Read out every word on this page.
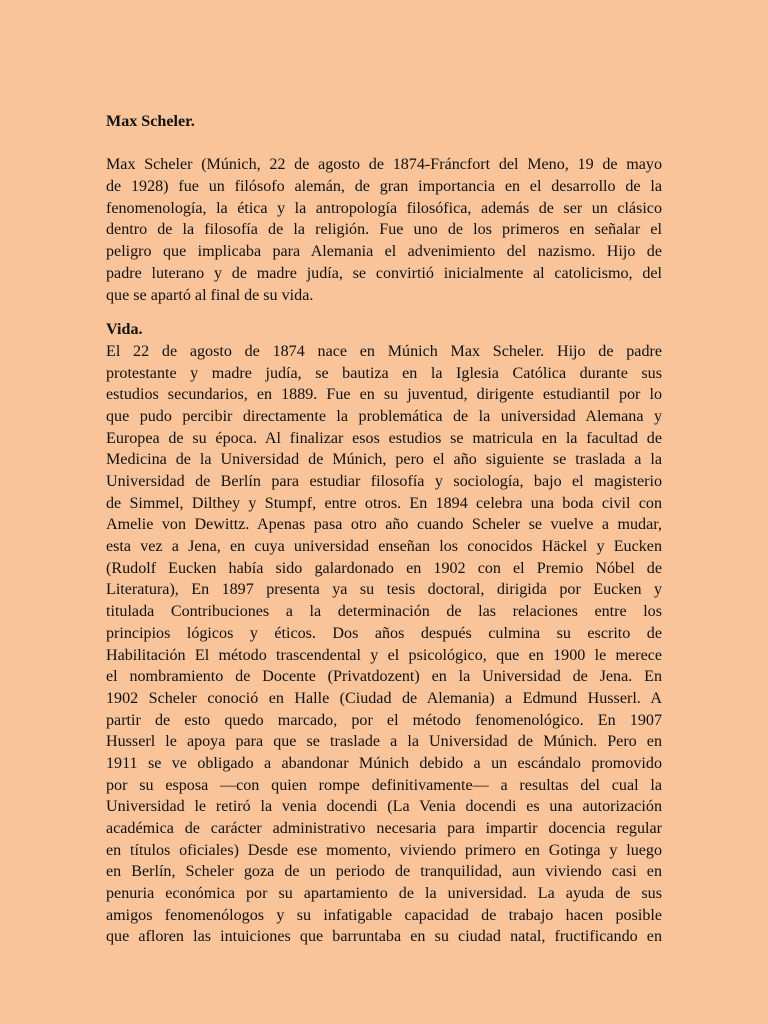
Max Scheler.
Max Scheler (Múnich, 22 de agosto de 1874-Fráncfort del Meno, 19 de mayo
de 1928) fue un filósofo alemán, de gran importancia en el desarrollo de la
fenomenología, la ética y la antropología filosófica, además de ser un clásico
dentro de la filosofía de la religión. Fue uno de los primeros en señalar el
peligro que implicaba para Alemania el advenimiento del nazismo. Hijo de
padre luterano y de madre judía, se convirtió inicialmente al catolicismo, del
que se apartó al final de su vida.
Vida.
El 22 de agosto de 1874 nace en Múnich Max Scheler. Hijo de padre
protestante y madre judía, se bautiza en la Iglesia Católica durante sus
estudios secundarios, en 1889. Fue en su juventud, dirigente estudiantil por lo
que pudo percibir directamente la problemática de la universidad Alemana y
Europea de su época. Al finalizar esos estudios se matricula en la facultad de
Medicina de la Universidad de Múnich, pero el año siguiente se traslada a la
Universidad de Berlín para estudiar filosofía y sociología, bajo el magisterio
de Simmel, Dilthey y Stumpf, entre otros. En 1894 celebra una boda civil con
Amelie von Dewittz. Apenas pasa otro año cuando Scheler se vuelve a mudar,
esta vez a Jena, en cuya universidad enseñan los conocidos Häckel y Eucken
(Rudolf Eucken había sido galardonado en 1902 con el Premio Nóbel de
Literatura), En 1897 presenta ya su tesis doctoral, dirigida por Eucken y
titulada Contribuciones a la determinación de las relaciones entre los
principios lógicos y éticos. Dos años después culmina su escrito de
Habilitación El método trascendental y el psicológico, que en 1900 le merece
el nombramiento de Docente (Privatdozent) en la Universidad de Jena. En
1902 Scheler conoció en Halle (Ciudad de Alemania) a Edmund Husserl. A
partir de esto quedo marcado, por el método fenomenológico. En 1907
Husserl le apoya para que se traslade a la Universidad de Múnich. Pero en
1911 se ve obligado a abandonar Múnich debido a un escándalo promovido
por su esposa —con quien rompe definitivamente— a resultas del cual la
Universidad le retiró la venia docendi (La Venia docendi es una autorización
académica de carácter administrativo necesaria para impartir docencia regular
en títulos oficiales) Desde ese momento, viviendo primero en Gotinga y luego
en Berlín, Scheler goza de un periodo de tranquilidad, aun viviendo casi en
penuria económica por su apartamiento de la universidad. La ayuda de sus
amigos fenomenólogos y su infatigable capacidad de trabajo hacen posible
que afloren las intuiciones que barruntaba en su ciudad natal, fructificando en
